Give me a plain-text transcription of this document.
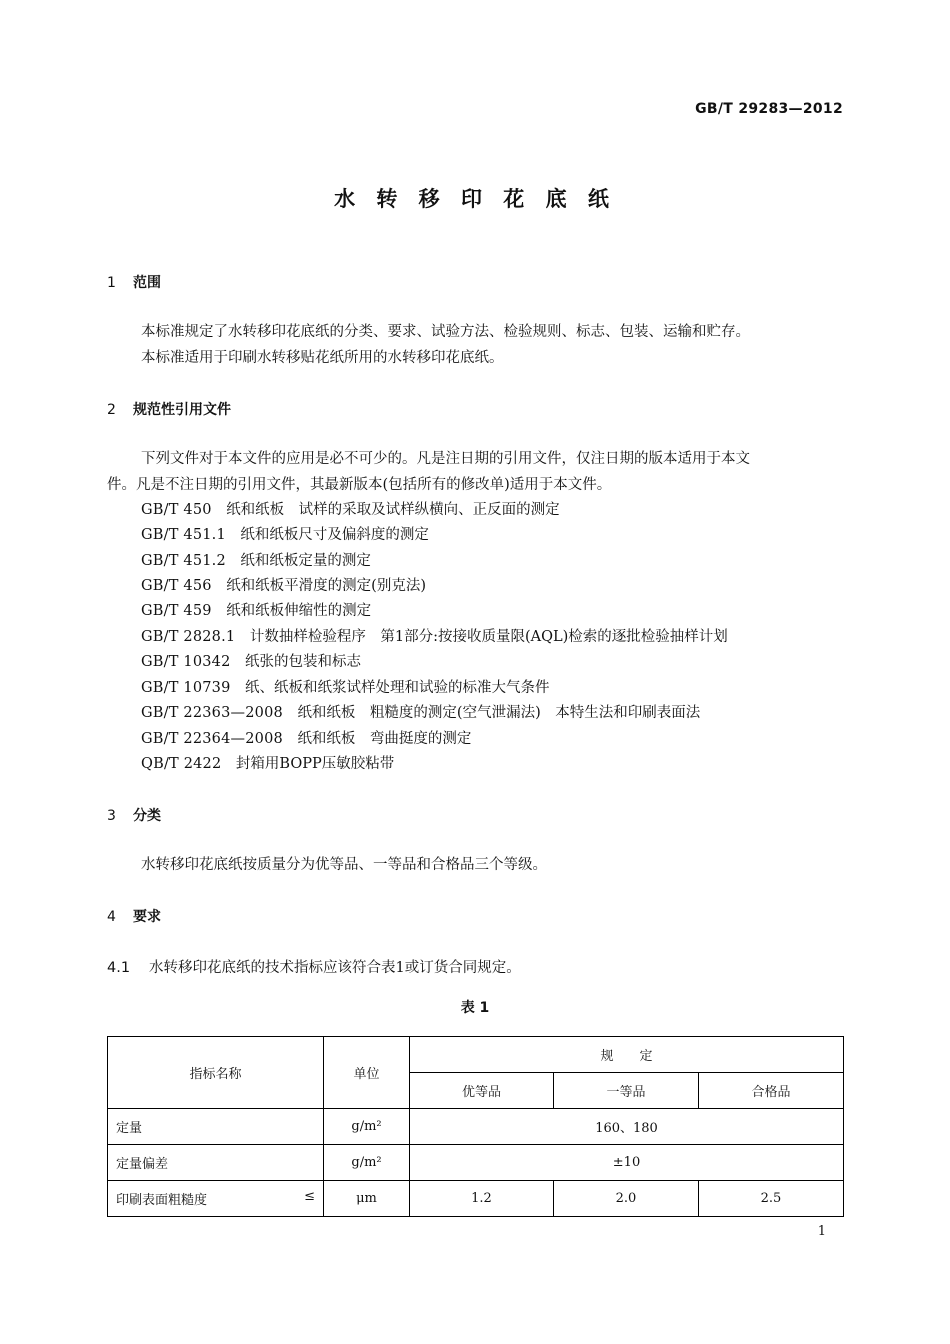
GB/T 29283—2012
水 转 移 印 花 底 纸
1 范围
本标准规定了水转移印花底纸的分类、要求、试验方法、检验规则、标志、包装、运输和贮存。
本标准适用于印刷水转移贴花纸所用的水转移印花底纸。
2 规范性引用文件
下列文件对于本文件的应用是必不可少的。凡是注日期的引用文件，仅注日期的版本适用于本文
件。凡是不注日期的引用文件，其最新版本(包括所有的修改单)适用于本文件。
GB/T 450　 纸和纸板　试样的采取及试样纵横向、正反面的测定
GB/T 451.1　 纸和纸板尺寸及偏斜度的测定
GB/T 451.2　 纸和纸板定量的测定
GB/T 456　 纸和纸板平滑度的测定(别克法)
GB/T 459　 纸和纸板伸缩性的测定
GB/T 2828.1　 计数抽样检验程序　第1部分:按接收质量限(AQL)检索的逐批检验抽样计划
GB/T 10342　 纸张的包装和标志
GB/T 10739　 纸、纸板和纸浆试样处理和试验的标准大气条件
GB/T 22363—2008　 纸和纸板　粗糙度的测定(空气泄漏法)　本特生法和印刷表面法
GB/T 22364—2008　 纸和纸板　弯曲挺度的测定
QB/T 2422　 封箱用BOPP压敏胶粘带
3 分类
水转移印花底纸按质量分为优等品、一等品和合格品三个等级。
4 要求
4.1 水转移印花底纸的技术指标应该符合表1或订货合同规定。
表 1
指标名称	单位	规　　定		
		优等品	一等品	合格品
定量	g/m²	160、180		
定量偏差	g/m²	±10		
印刷表面粗糙度 ≤	μm	1.2	2.0	2.5
1
